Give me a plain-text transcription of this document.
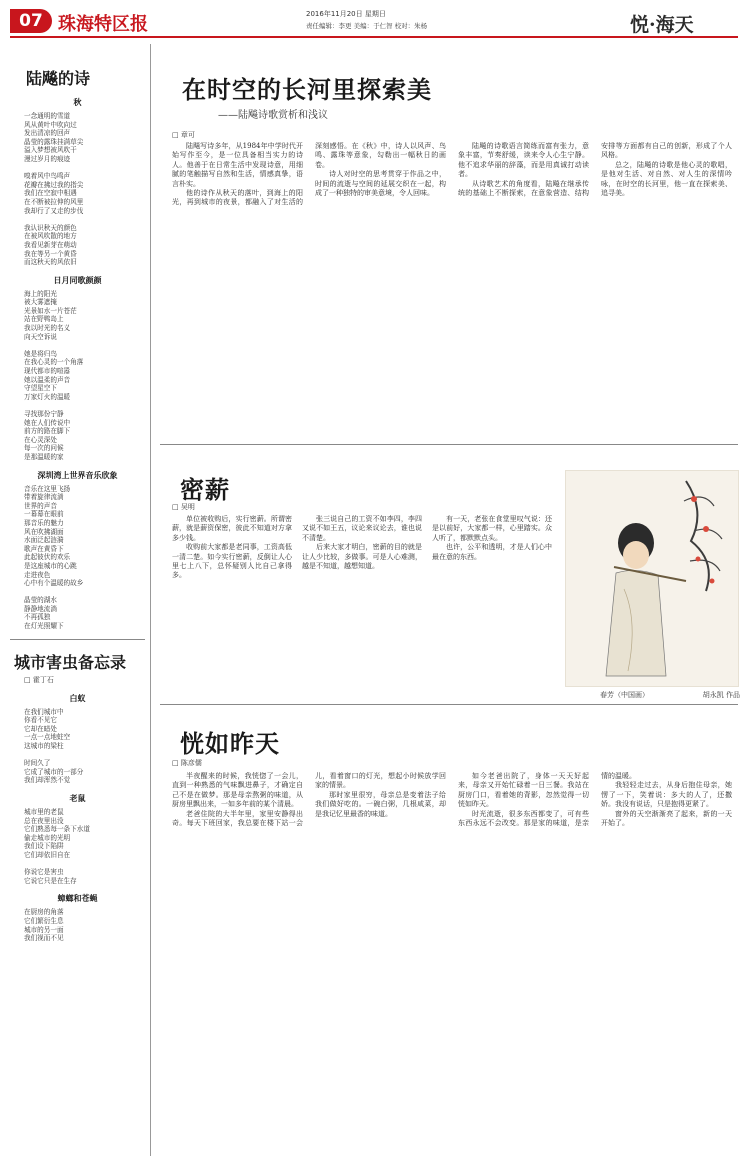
07 珠海特区报	2016年11月20日 星期日
责任编辑：李更 美编：于仁智 校对：朱杨	悦·海天
陆飚的诗
秋
一念通明的雪道
风从黄叶中吹向过
发出清凉的回声
晶莹的露珠挂满草尖
溢入梦想被风吹干
漫过岁月的痕迹

嗅着风中鸟鸣声
花瓣在拂过我的指尖
我们在空寂中相遇
在不断被拉伸的风里
我却行了又走的步伐

我认识秋天的颜色
在被风吹散的地方
我看见新芽在萌动
我在等另一个黄昏
而这秋天的风依旧
日月同歌颜颜
海上的阳光
被大雾遮掩
光景如水一片苍茫
站在野鸭岛上
我以时光的名义
向天空诉说

她是将归鸟
在我心灵的一个角落
现代都市的喧嚣
她以温柔的声音
守望星空下
万家灯火的温暖

寻找那份宁静
她在人们传说中
前方的路在脚下
在心灵深处
每一次的问候
是那温暖的家
深圳湾上世界音乐欣象
音乐在这里飞扬
带着旋律流淌
世界的声音
一幕幕在眼前
那音乐的魅力
风在吹拂湖面
水面泛起涟漪
歌声在黄昏下
此起彼伏的欢乐
是这座城市的心跳
走进夜色
心中有个温暖的故乡

晶莹的湖水
静静地流淌
不再孤独
在灯光照耀下
城市害虫备忘录
□ 霍丁石
白蚁
在我们城市中
你看不见它
它却在暗处
一点一点地蛀空
这城市的梁柱

时间久了
它成了城市的一部分
我们却浑然不觉
老鼠
城市里的老鼠
总在夜里出没
它们熟悉每一条下水道
偷走城市的光明
我们设下陷阱
它们却依旧自在

你说它是害虫
它说它只是在生存
蟑螂和苍蝇
在厨房的角落
它们繁衍生息
城市的另一面
我们视而不见
在时空的长河里探索美
——陆飚诗歌赏析和浅议
□ 章可

陆飚写诗多年，从1984年中学时代开始写作至今，是一位具备相当实力的诗人。他善于在日常生活中发现诗意，用细腻的笔触描写自然和生活，情感真挚，语言朴实。

他的诗作从秋天的落叶，到海上的阳光，再到城市的夜景，都融入了对生活的深刻感悟。在《秋》中，诗人以风声、鸟鸣、露珠等意象，勾勒出一幅秋日的画卷。

诗人对时空的思考贯穿于作品之中，时间的流逝与空间的延展交织在一起，构成了一种独特的审美意境，令人回味。

陆飚的诗歌语言简练而富有张力，意象丰富，节奏舒缓，读来令人心生宁静。他不追求华丽的辞藻，而是用真诚打动读者。

从诗歌艺术的角度看，陆飚在继承传统的基础上不断探索，在意象营造、结构安排等方面都有自己的创新，形成了个人风格。

总之，陆飚的诗歌是他心灵的歌唱，是他对生活、对自然、对人生的深情吟咏，在时空的长河里，他一直在探索美、追寻美。

密薪
□ 吴明

单位被收购后，实行密薪。所谓密薪，就是薪资保密，彼此不知道对方拿多少钱。

收购前大家都是老同事，工资高低一清二楚。如今实行密薪，反倒让人心里七上八下，总怀疑别人比自己拿得多。

张三说自己的工资不如李四，李四又说不如王五，议论来议论去，谁也说不清楚。

后来大家才明白，密薪的目的就是让人少比较，多做事。可是人心难测，越是不知道，越想知道。

有一天，老张在食堂里叹气说：还是以前好，大家都一样，心里踏实。众人听了，都默默点头。

也许，公平和透明，才是人们心中最在意的东西。

春芳（中国画）	胡永凯 作品
恍如昨天
□ 陈彦儒

半夜醒来的时候，我恍惚了一会儿，直到一种熟悉的气味飘进鼻子，才确定自己不是在做梦。那是母亲熬粥的味道，从厨房里飘出来，一如多年前的某个清晨。

老爸住院的大半年里，家里安静得出奇。每天下班回家，我总要在楼下站一会儿，看着窗口的灯光，想起小时候放学回家的情景。

那时家里很穷，母亲总是变着法子给我们做好吃的。一碗白粥，几根咸菜，却是我记忆里最香的味道。

如今老爸出院了，身体一天天好起来，母亲又开始忙碌着一日三餐。我站在厨房门口，看着她的背影，忽然觉得一切恍如昨天。

时光流逝，很多东西都变了，可有些东西永远不会改变。那是家的味道，是亲情的温暖。

我轻轻走过去，从身后抱住母亲，她愣了一下，笑着说：多大的人了，还撒娇。我没有说话，只是抱得更紧了。

窗外的天空渐渐亮了起来，新的一天开始了。
